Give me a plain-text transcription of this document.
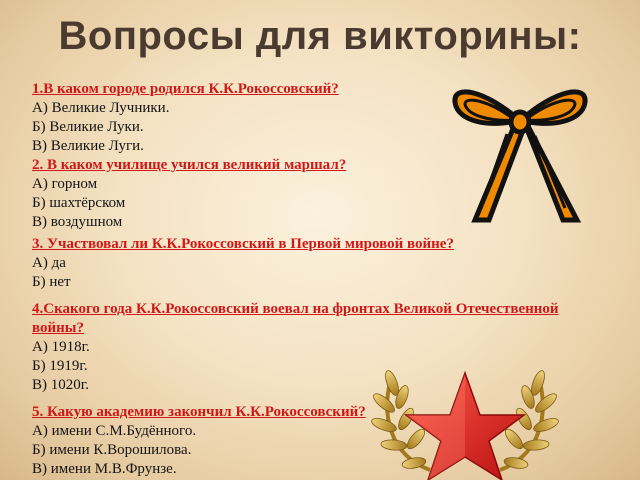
Вопросы для викторины:
1.В каком городе родился К.К.Рокоссовский?
А) Великие Лучники.
Б) Великие Луки.
В) Великие Луги.
2. В каком училище учился великий маршал?
А) горном
Б) шахтёрском
В) воздушном
3. Участвовал ли К.К.Рокоссовский в Первой мировой войне?
А) да
Б) нет
4.Скакого года К.К.Рокоссовский воевал на фронтах Великой Отечественной войны?
А) 1918г.
Б) 1919г.
В) 1020г.
5. Какую академию закончил К.К.Рокоссовский?
А) имени С.М.Будённого.
Б) имени К.Ворошилова.
В) имени М.В.Фрунзе.
